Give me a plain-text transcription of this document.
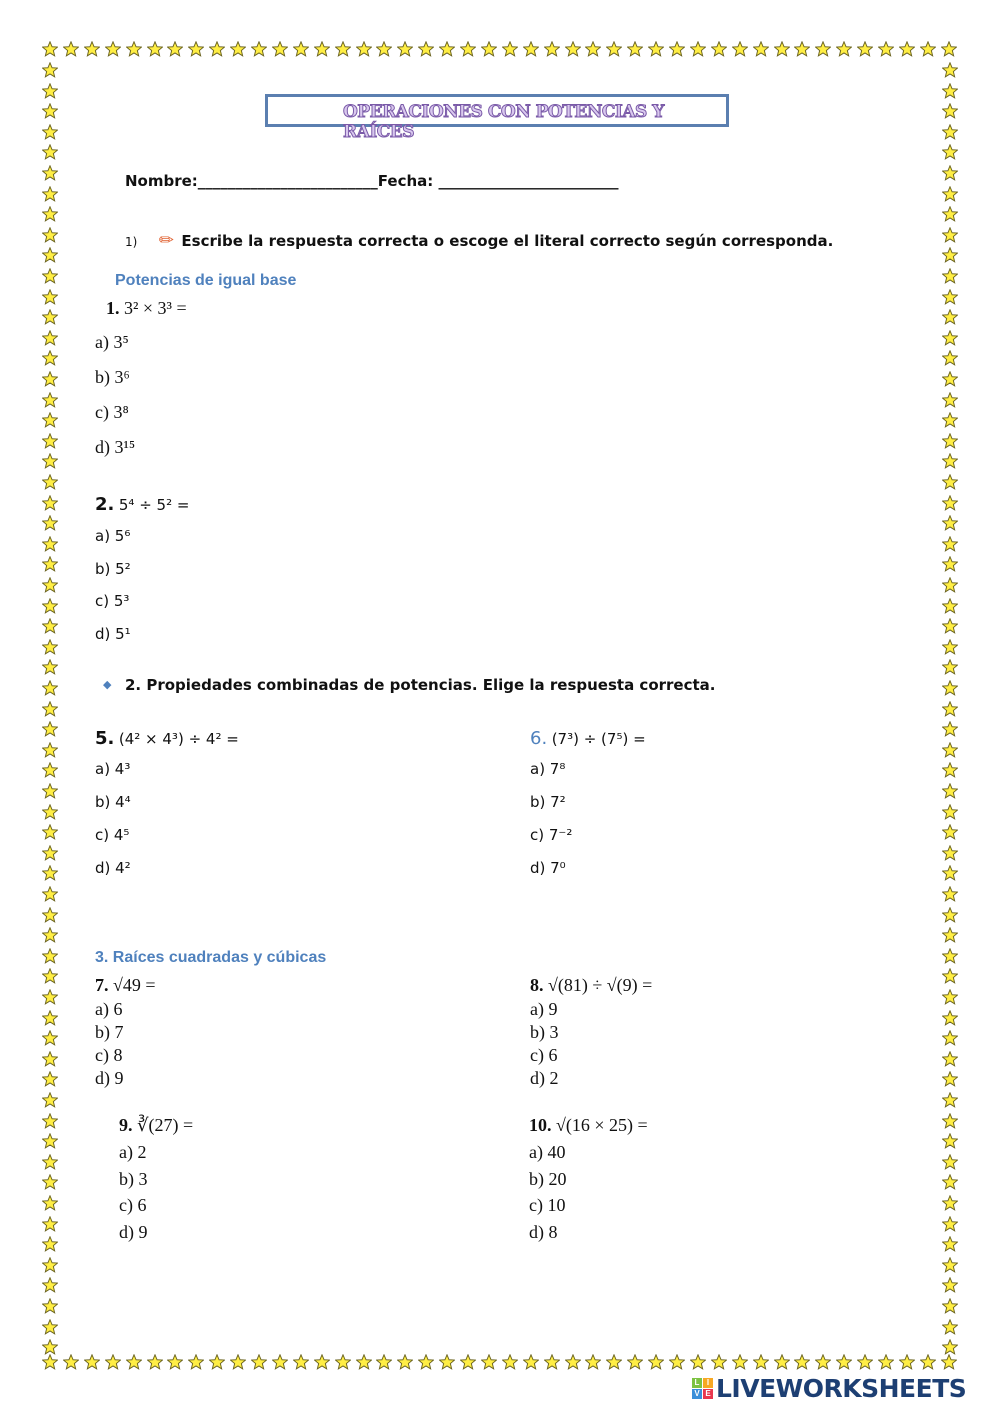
OPERACIONES CON POTENCIAS Y RAÍCES
Nombre:________________________Fecha: ________________________
1) ✏ Escribe la respuesta correcta o escoge el literal correcto según corresponda.
Potencias de igual base
1. 3² × 3³ =
a) 3⁵
b) 3⁶
c) 3⁸
d) 3¹⁵
2. 5⁴ ÷ 5² =
a) 5⁶
b) 5²
c) 5³
d) 5¹
◆ 2. Propiedades combinadas de potencias. Elige la respuesta correcta.
5. (4² × 4³) ÷ 4² =
a) 4³
b) 4⁴
c) 4⁵
d) 4²
6. (7³) ÷ (7⁵) =
a) 7⁸
b) 7²
c) 7⁻²
d) 7⁰
3. Raíces cuadradas y cúbicas
7. √49 =
a) 6
b) 7
c) 8
d) 9
8. √(81) ÷ √(9) =
a) 9
b) 3
c) 6
d) 2
9. ∛(27) =
a) 2
b) 3
c) 6
d) 9
10. √(16 × 25) =
a) 40
b) 20
c) 10
d) 8
L I
V E LIVEWORKSHEETS
